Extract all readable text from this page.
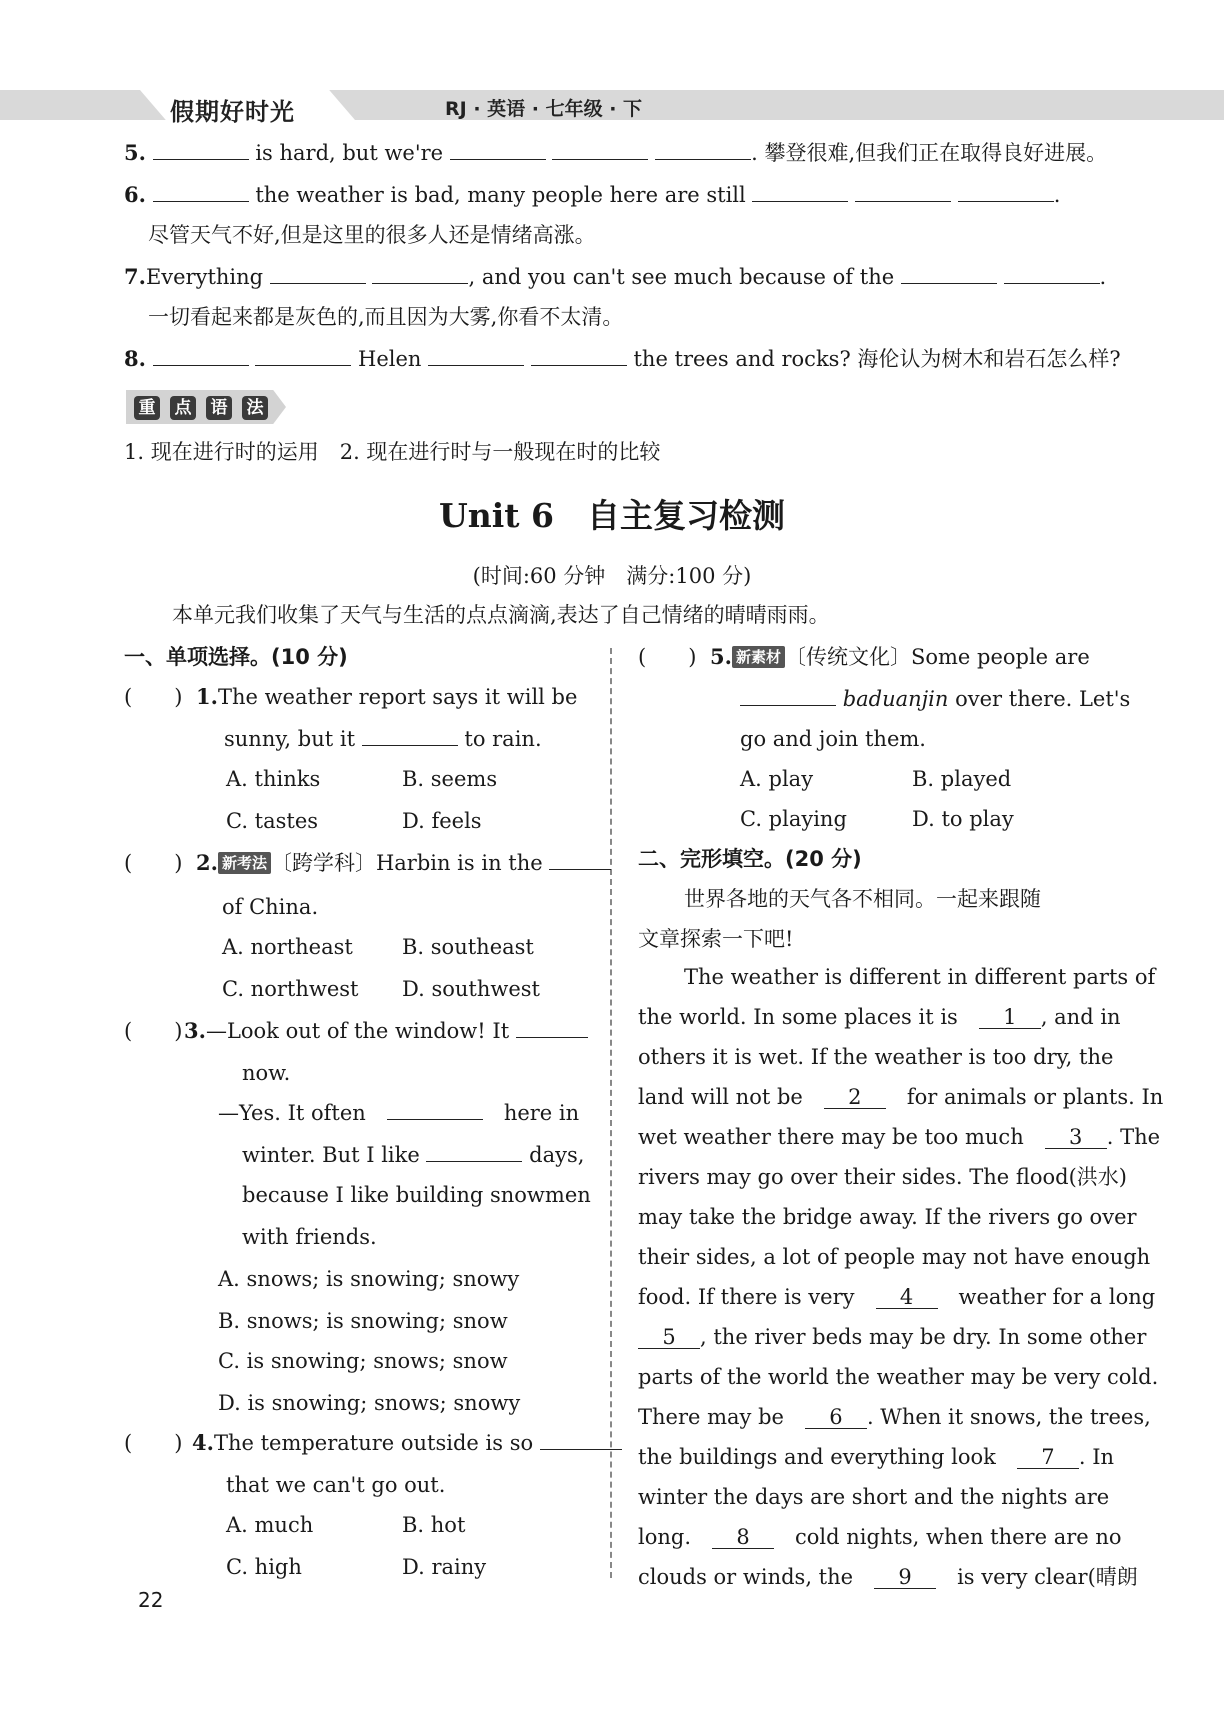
假期好时光	RJ · 英语 · 七年级 · 下
5.	is hard, but we're	. 攀登很难,但我们正在取得良好进展。
6.	the weather is bad, many people here are still	.
尽管天气不好,但是这里的很多人还是情绪高涨。
7.Everything	, and you can't see much because of the	.
一切看起来都是灰色的,而且因为大雾,你看不太清。
8.	Helen	the trees and rocks? 海伦认为树木和岩石怎么样?
重 点 语 法
1. 现在进行时的运用　2. 现在进行时与一般现在时的比较
Unit 6　自主复习检测
(时间:60 分钟　满分:100 分)
本单元我们收集了天气与生活的点点滴滴,表达了自己情绪的晴晴雨雨。
一、单项选择。(10 分)
(　　) 1.The weather report says it will be
sunny, but it	to rain.
A. thinks	B. seems
C. tastes	D. feels
(　　) 2. 新考法 〔跨学科〕Harbin is in the
of China.
A. northeast B. southeast
C. northwest D. southwest
(　　) 3.—Look out of the window! It
now.
—Yes. It often　　	here in
winter. But I like	days,
because I like building snowmen
with friends.
A. snows; is snowing; snowy
B. snows; is snowing; snow
C. is snowing; snows; snow
D. is snowing; snows; snowy
(　　) 4.The temperature outside is so
that we can't go out.
A. much	B. hot
C. high	D. rainy
(　　) 5. 新素材 〔传统文化〕Some people are
baduanjin over there. Let's
go and join them.
A. play	B. played
C. playing	D. to play
二、完形填空。(20 分)
世界各地的天气各不相同。一起来跟随
文章探索一下吧!
The weather is different in different parts of
the world. In some places it is　 1 , and in
others it is wet. If the weather is too dry, the
land will not be　 2　 for animals or plants. In
wet weather there may be too much　 3 . The
rivers may go over their sides. The flood(洪水)
may take the bridge away. If the rivers go over
their sides, a lot of people may not have enough
food. If there is very　 4　 weather for a long
5 , the river beds may be dry. In some other
parts of the world the weather may be very cold.
There may be　 6 . When it snows, the trees,
the buildings and everything look　 7 . In
winter the days are short and the nights are
long.　 8　 cold nights, when there are no
clouds or winds, the　 9　 is very clear(晴朗
22
